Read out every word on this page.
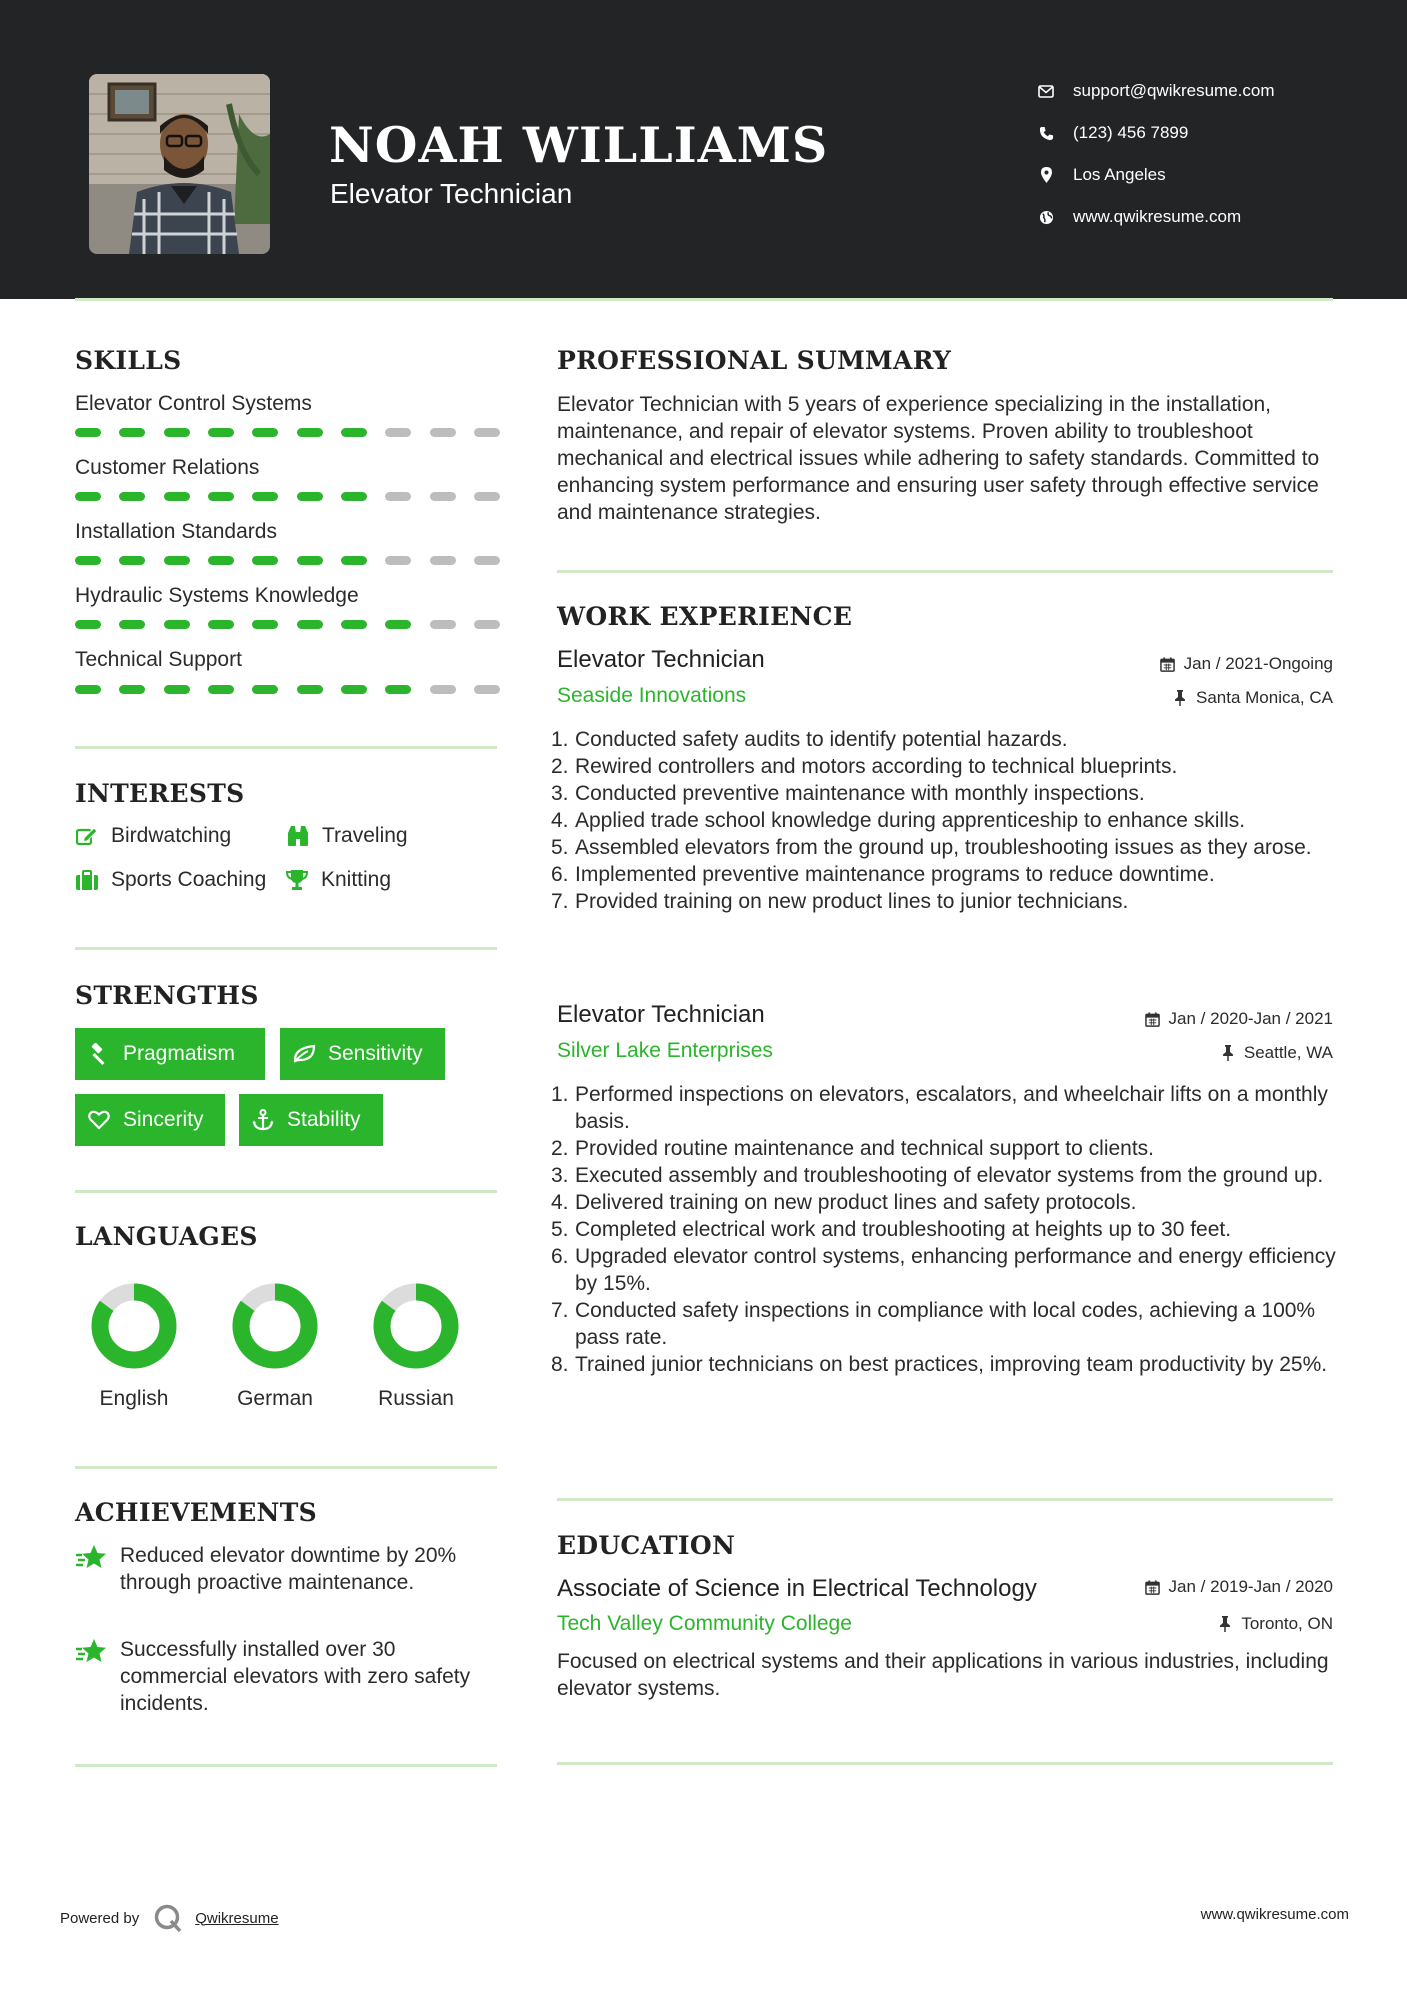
NOAH WILLIAMS
Elevator Technician
support@qwikresume.com
(123) 456 7899
Los Angeles
www.qwikresume.com
SKILLS
Elevator Control Systems
Customer Relations
Installation Standards
Hydraulic Systems Knowledge
Technical Support
INTERESTS
Birdwatching	Traveling
Sports Coaching	Knitting
STRENGTHS
Pragmatism	Sensitivity
Sincerity	Stability
LANGUAGES
English	German	Russian
ACHIEVEMENTS
Reduced elevator downtime by 20% through proactive maintenance.
Successfully installed over 30 commercial elevators with zero safety incidents.
PROFESSIONAL SUMMARY
Elevator Technician with 5 years of experience specializing in the installation, maintenance, and repair of elevator systems. Proven ability to troubleshoot mechanical and electrical issues while adhering to safety standards. Committed to enhancing system performance and ensuring user safety through effective service and maintenance strategies.
WORK EXPERIENCE
Elevator Technician	Jan / 2021-Ongoing
Seaside Innovations	Santa Monica, CA
1. Conducted safety audits to identify potential hazards.
2. Rewired controllers and motors according to technical blueprints.
3. Conducted preventive maintenance with monthly inspections.
4. Applied trade school knowledge during apprenticeship to enhance skills.
5. Assembled elevators from the ground up, troubleshooting issues as they arose.
6. Implemented preventive maintenance programs to reduce downtime.
7. Provided training on new product lines to junior technicians.
Elevator Technician	Jan / 2020-Jan / 2021
Silver Lake Enterprises	Seattle, WA
1. Performed inspections on elevators, escalators, and wheelchair lifts on a monthly basis.
2. Provided routine maintenance and technical support to clients.
3. Executed assembly and troubleshooting of elevator systems from the ground up.
4. Delivered training on new product lines and safety protocols.
5. Completed electrical work and troubleshooting at heights up to 30 feet.
6. Upgraded elevator control systems, enhancing performance and energy efficiency by 15%.
7. Conducted safety inspections in compliance with local codes, achieving a 100% pass rate.
8. Trained junior technicians on best practices, improving team productivity by 25%.
EDUCATION
Associate of Science in Electrical Technology	Jan / 2019-Jan / 2020
Tech Valley Community College	Toronto, ON
Focused on electrical systems and their applications in various industries, including elevator systems.
Powered by	Qwikresume	www.qwikresume.com
